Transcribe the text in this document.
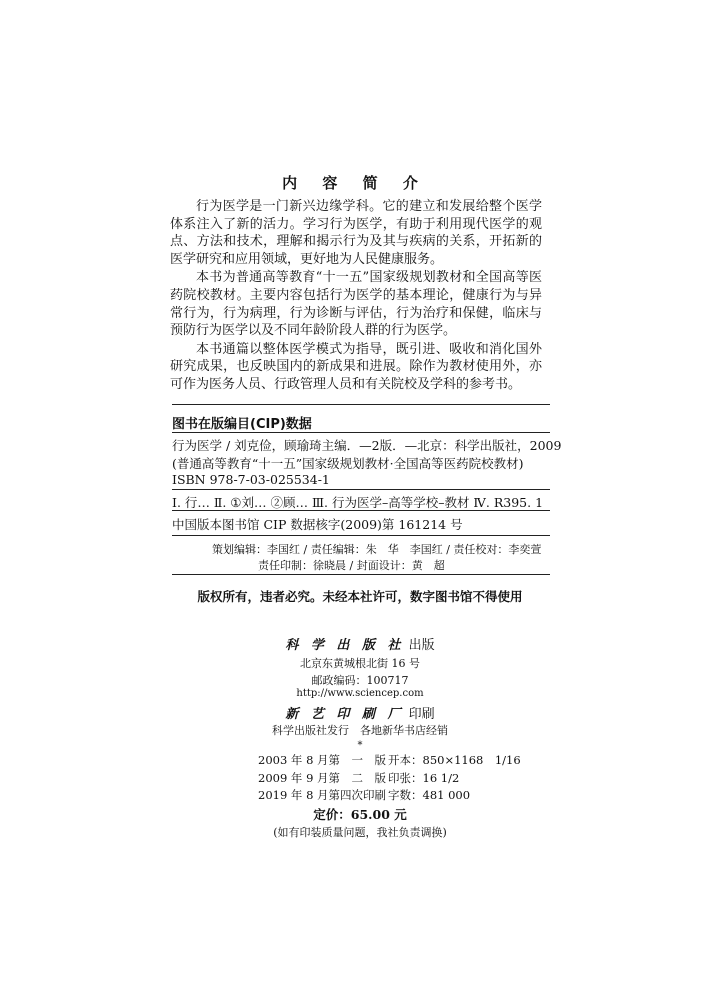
内 容 简 介

行为医学是一门新兴边缘学科。它的建立和发展给整个医学体系注入了新的活力。学习行为医学，有助于利用现代医学的观点、方法和技术，理解和揭示行为及其与疾病的关系，开拓新的医学研究和应用领域，更好地为人民健康服务。

本书为普通高等教育“十一五”国家级规划教材和全国高等医药院校教材。主要内容包括行为医学的基本理论，健康行为与异常行为，行为病理，行为诊断与评估，行为治疗和保健，临床与预防行为医学以及不同年龄阶段人群的行为医学。

本书通篇以整体医学模式为指导，既引进、吸收和消化国外研究成果，也反映国内的新成果和进展。除作为教材使用外，亦可作为医务人员、行政管理人员和有关院校及学科的参考书。

图书在版编目(CIP)数据
行为医学 / 刘克俭，顾瑜琦主编．—2版．—北京：科学出版社，2009
(普通高等教育“十一五”国家级规划教材·全国高等医药院校教材)
ISBN 978-7-03-025534-1
Ⅰ. 行… Ⅱ. ①刘… ②顾… Ⅲ. 行为医学–高等学校–教材 Ⅳ. R395. 1
中国版本图书馆 CIP 数据核字(2009)第 161214 号
策划编辑：李国红 / 责任编辑：朱　华　李国红 / 责任校对：李奕萱
责任印制：徐晓晨 / 封面设计：黄　超
版权所有，违者必究。未经本社许可，数字图书馆不得使用
科 学 出 版 社 出版
北京东黄城根北街 16 号
邮政编码：100717
http://www.sciencep.com
新 艺 印 刷 厂 印刷
科学出版社发行　各地新华书店经销
*
2003 年 8 月第　一　版 开本：850×1168　1/16
2009 年 9 月第　二　版 印张：16 1/2
2019 年 8 月第四次印刷 字数：481 000
定价：65.00 元
(如有印装质量问题，我社负责调换)
